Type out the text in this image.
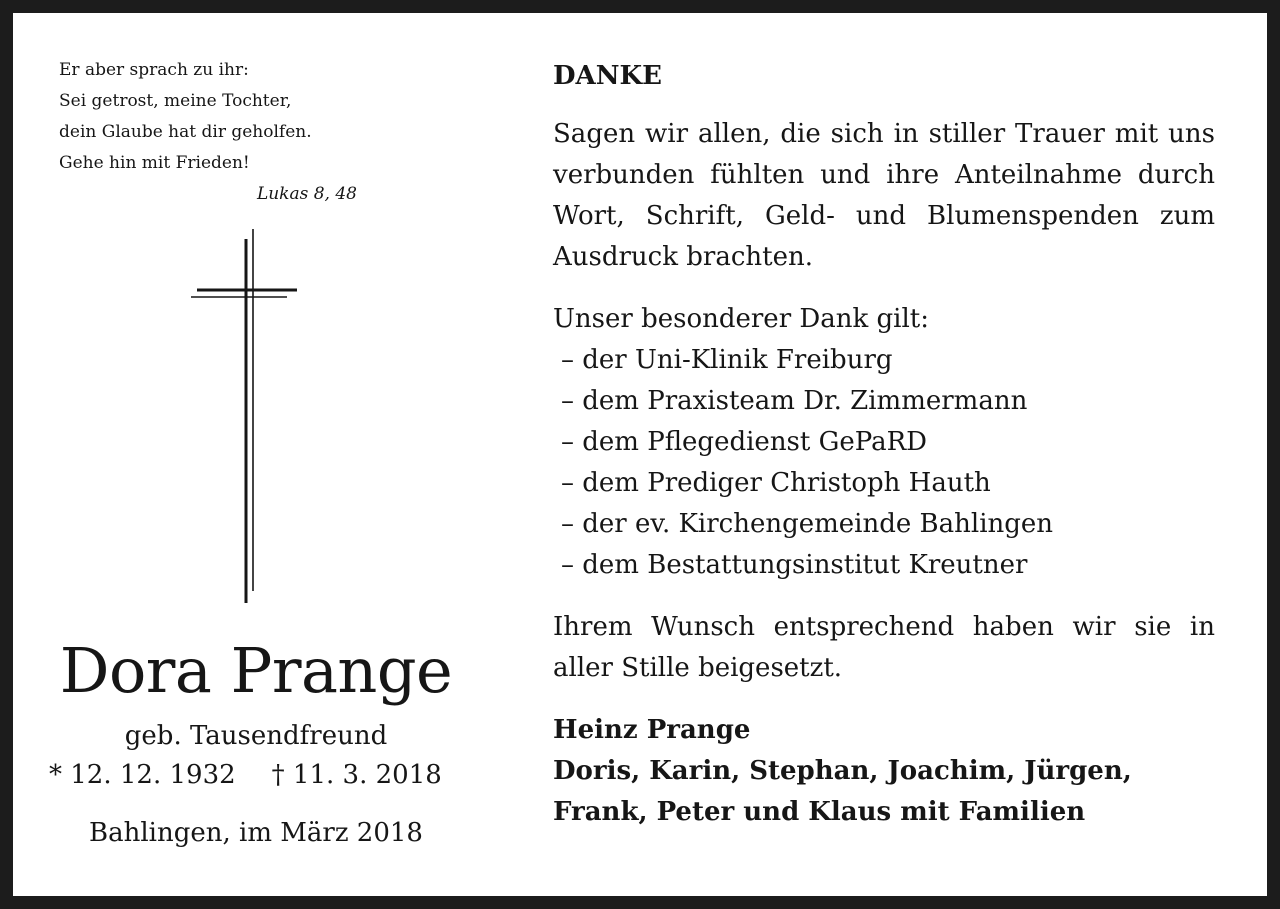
Er aber sprach zu ihr:
Sei getrost, meine Tochter,
dein Glaube hat dir geholfen.
Gehe hin mit Frieden!
Lukas 8, 48
Dora Prange
geb. Tausendfreund
* 12. 12. 1932 † 11. 3. 2018
Bahlingen, im März 2018
DANKE

Sagen wir allen, die sich in stiller Trauer mit uns verbunden fühlten und ihre Anteilnahme durch Wort, Schrift, Geld- und Blumenspenden zum Ausdruck brachten.

Unser besonderer Dank gilt:
– der Uni-Klinik Freiburg
– dem Praxisteam Dr. Zimmermann
– dem Pflegedienst GePaRD
– dem Prediger Christoph Hauth
– der ev. Kirchengemeinde Bahlingen
– dem Bestattungsinstitut Kreutner

Ihrem Wunsch entsprechend haben wir sie in aller Stille beigesetzt.

Heinz Prange
Doris, Karin, Stephan, Joachim, Jürgen,
Frank, Peter und Klaus mit Familien
